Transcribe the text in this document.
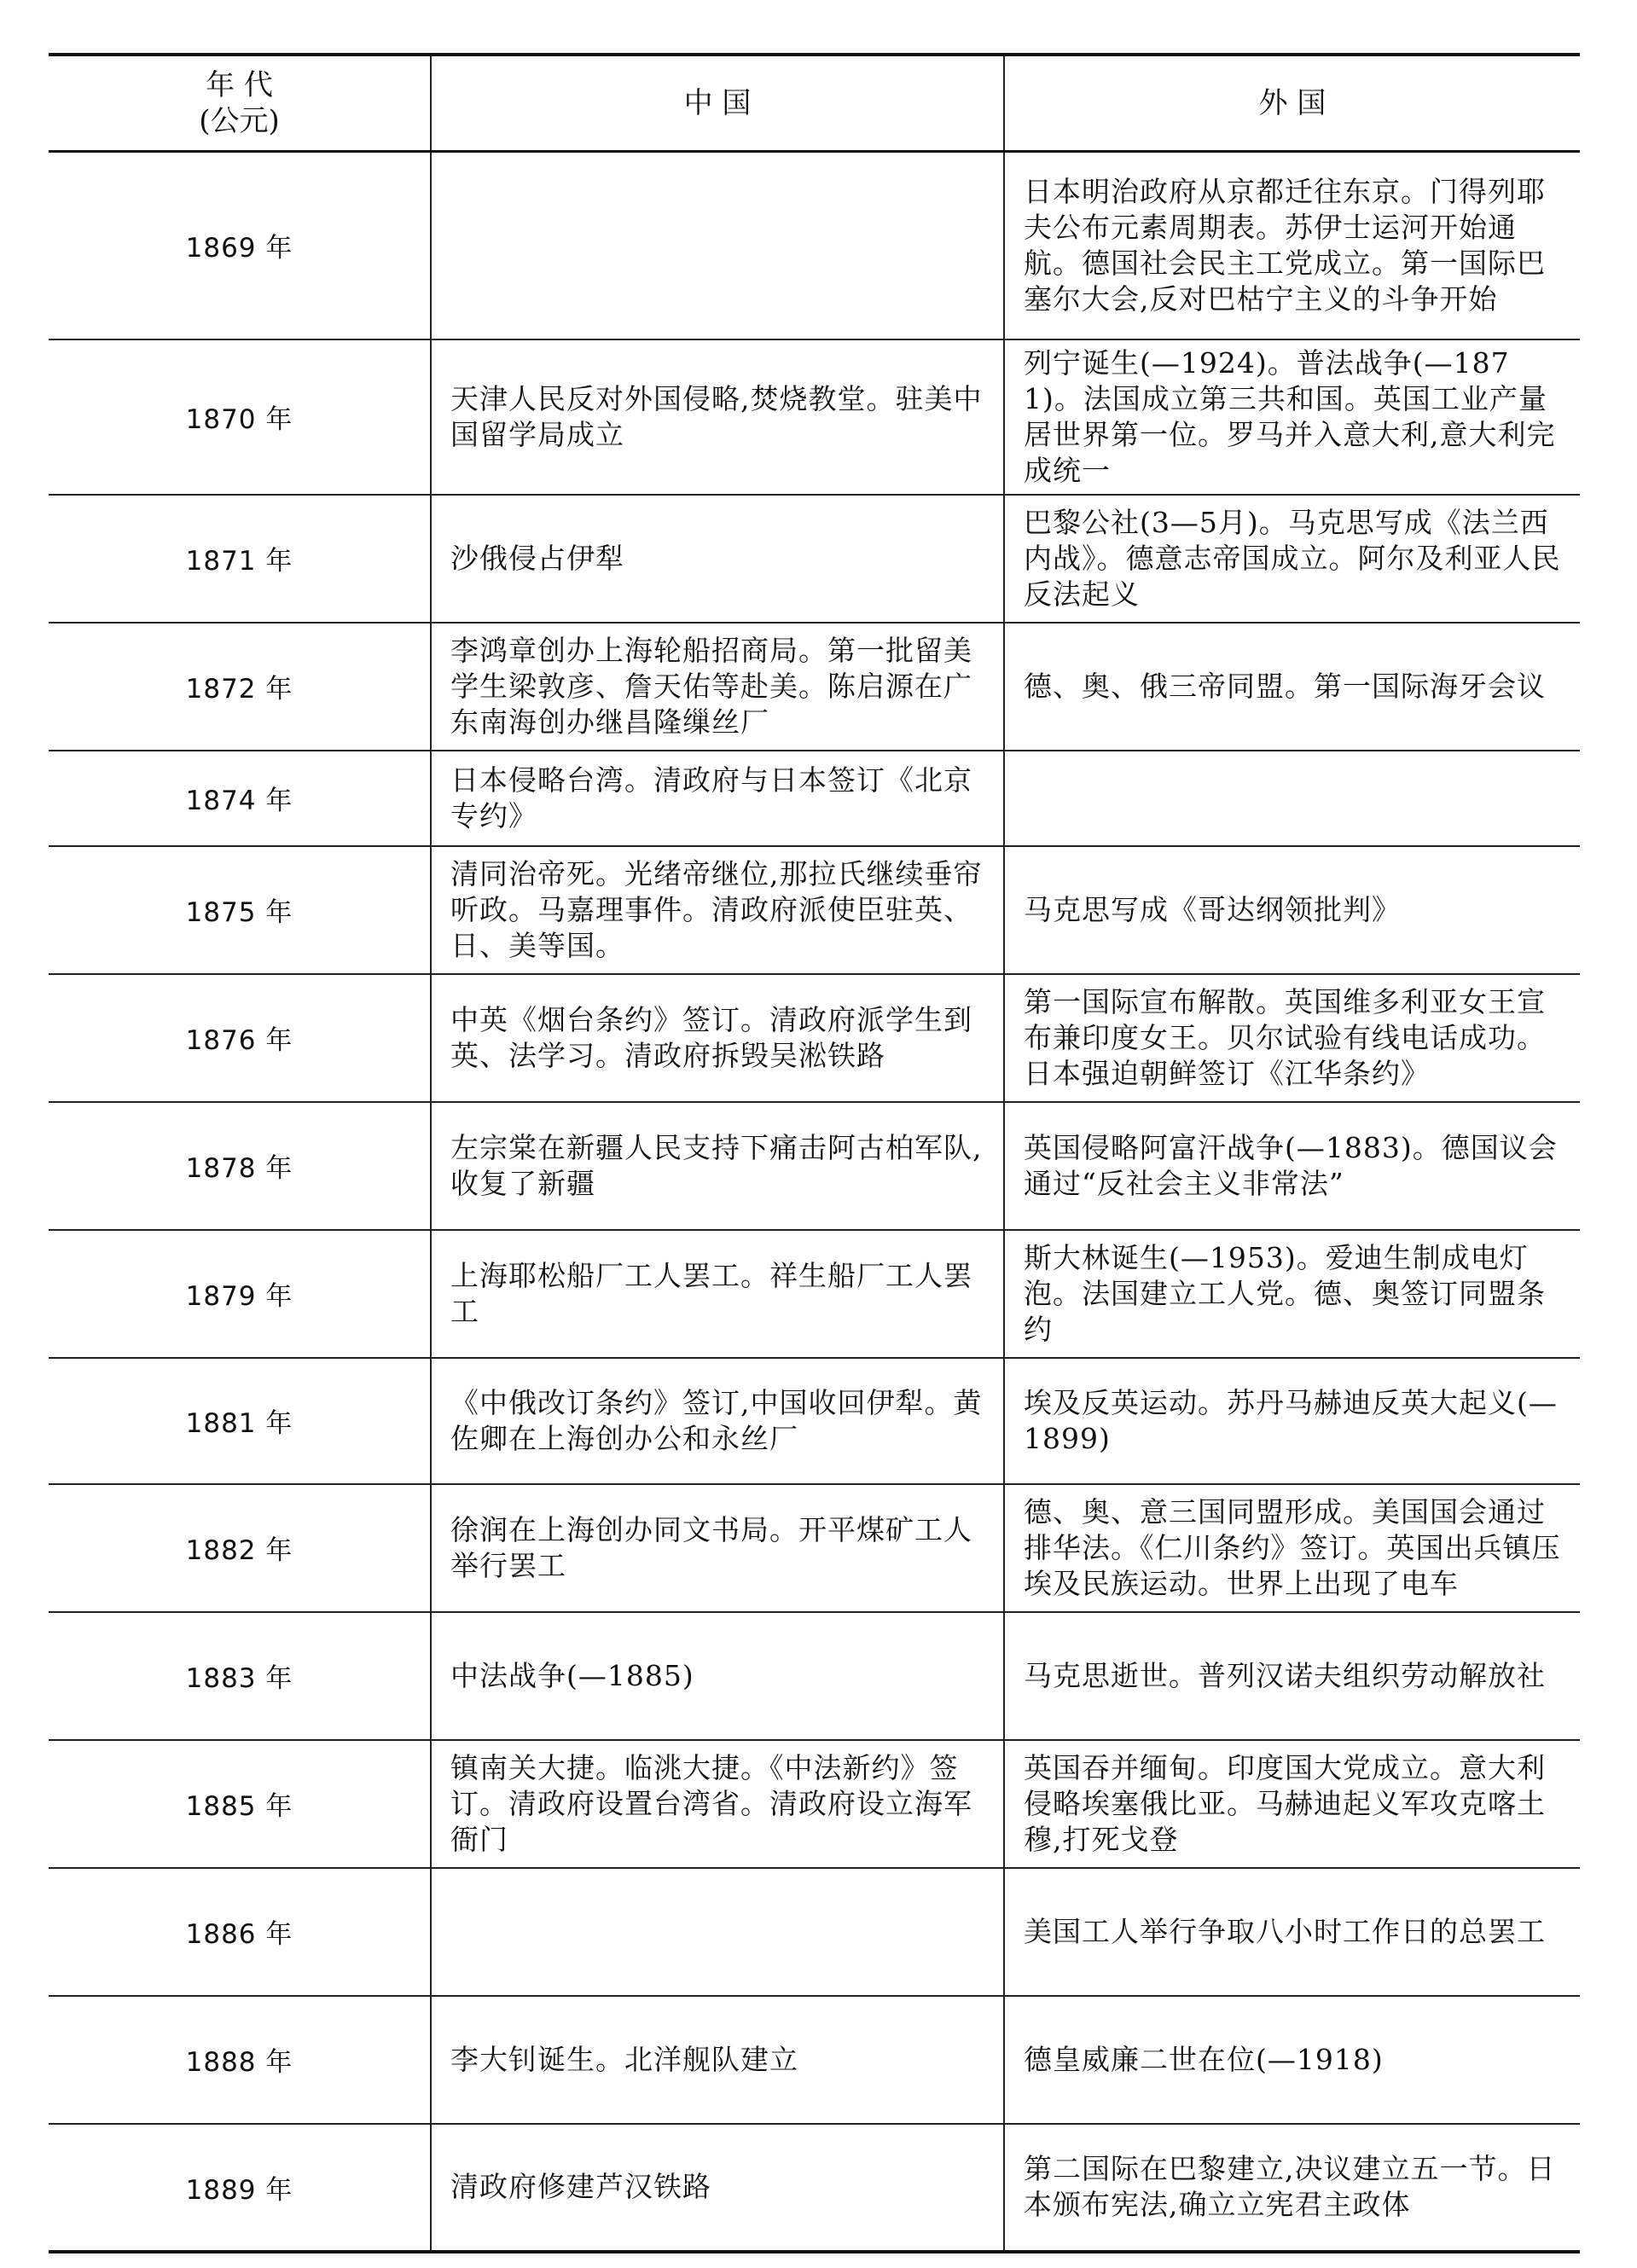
年 代
(公元)	中 国	外 国
1869 年		日本明治政府从京都迁往东京。门得列耶夫公布元素周期表。苏伊士运河开始通航。德国社会民主工党成立。第一国际巴塞尔大会,反对巴枯宁主义的斗争开始
1870 年	天津人民反对外国侵略,焚烧教堂。驻美中国留学局成立	列宁诞生(—1924)。普法战争(—1871)。法国成立第三共和国。英国工业产量居世界第一位。罗马并入意大利,意大利完成统一
1871 年	沙俄侵占伊犁	巴黎公社(3—5月)。马克思写成《法兰西内战》。德意志帝国成立。阿尔及利亚人民反法起义
1872 年	李鸿章创办上海轮船招商局。第一批留美学生梁敦彦、詹天佑等赴美。陈启源在广东南海创办继昌隆缫丝厂	德、奥、俄三帝同盟。第一国际海牙会议
1874 年	日本侵略台湾。清政府与日本签订《北京专约》	
1875 年	清同治帝死。光绪帝继位,那拉氏继续垂帘听政。马嘉理事件。清政府派使臣驻英、日、美等国。	马克思写成《哥达纲领批判》
1876 年	中英《烟台条约》签订。清政府派学生到英、法学习。清政府拆毁吴淞铁路	第一国际宣布解散。英国维多利亚女王宣布兼印度女王。贝尔试验有线电话成功。日本强迫朝鲜签订《江华条约》
1878 年	左宗棠在新疆人民支持下痛击阿古柏军队,收复了新疆	英国侵略阿富汗战争(—1883)。德国议会通过“反社会主义非常法”
1879 年	上海耶松船厂工人罢工。祥生船厂工人罢工	斯大林诞生(—1953)。爱迪生制成电灯泡。法国建立工人党。德、奥签订同盟条约
1881 年	《中俄改订条约》签订,中国收回伊犁。黄佐卿在上海创办公和永丝厂	埃及反英运动。苏丹马赫迪反英大起义(—1899)
1882 年	徐润在上海创办同文书局。开平煤矿工人举行罢工	德、奥、意三国同盟形成。美国国会通过排华法。《仁川条约》签订。英国出兵镇压埃及民族运动。世界上出现了电车
1883 年	中法战争(—1885)	马克思逝世。普列汉诺夫组织劳动解放社
1885 年	镇南关大捷。临洮大捷。《中法新约》签订。清政府设置台湾省。清政府设立海军衙门	英国吞并缅甸。印度国大党成立。意大利侵略埃塞俄比亚。马赫迪起义军攻克喀土穆,打死戈登
1886 年		美国工人举行争取八小时工作日的总罢工
1888 年	李大钊诞生。北洋舰队建立	德皇威廉二世在位(—1918)
1889 年	清政府修建芦汉铁路	第二国际在巴黎建立,决议建立五一节。日本颁布宪法,确立立宪君主政体
